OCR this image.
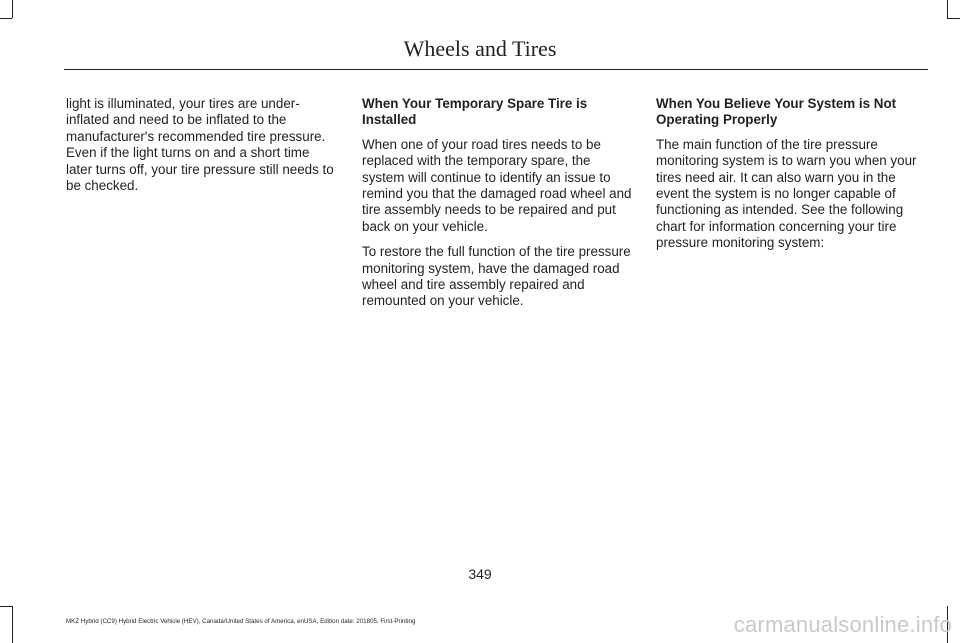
Wheels and Tires

light is illuminated, your tires are under-inflated and need to be inflated to the manufacturer's recommended tire pressure. Even if the light turns on and a short time later turns off, your tire pressure still needs to be checked.

When Your Temporary Spare Tire is Installed

When one of your road tires needs to be replaced with the temporary spare, the system will continue to identify an issue to remind you that the damaged road wheel and tire assembly needs to be repaired and put back on your vehicle.

To restore the full function of the tire pressure monitoring system, have the damaged road wheel and tire assembly repaired and remounted on your vehicle.

When You Believe Your System is Not Operating Properly

The main function of the tire pressure monitoring system is to warn you when your tires need air. It can also warn you in the event the system is no longer capable of functioning as intended. See the following chart for information concerning your tire pressure monitoring system:

349
MKZ Hybrid (CC9) Hybrid Electric Vehicle (HEV), Canada/United States of America, enUSA, Edition date: 201805, First-Printing	carmanualsonline.info
